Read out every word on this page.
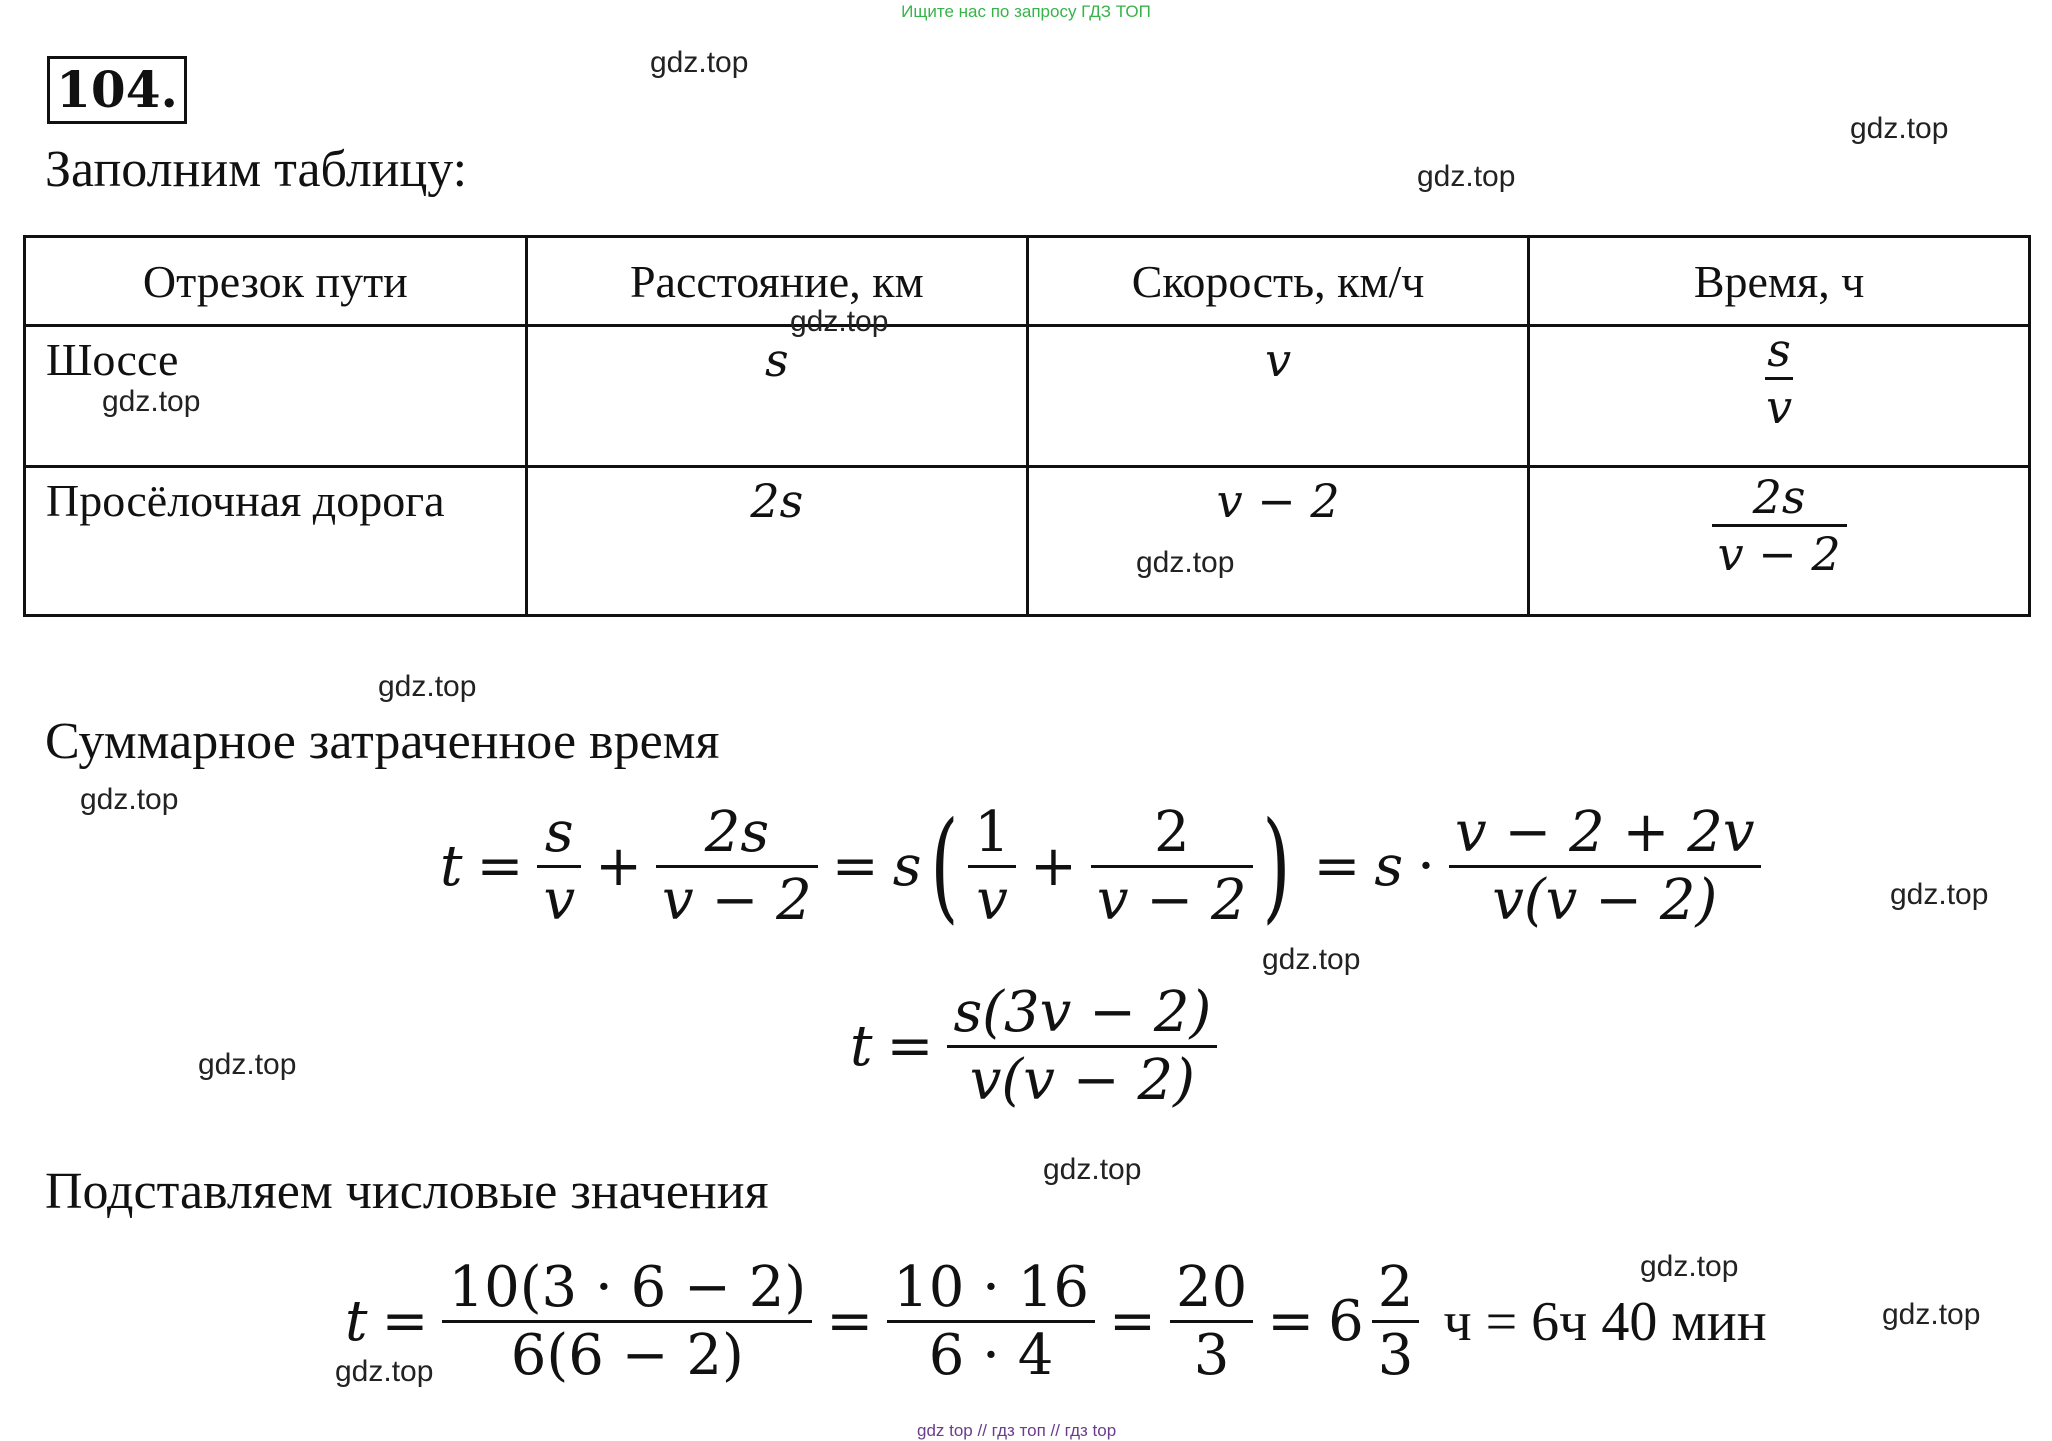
Ищите нас по запросу ГДЗ ТОП
104.
Заполним таблицу:
Отрезок пути	Расстояние, км	Скорость, км/ч	Время, ч
Шоссе	s	v	$\frac{s}{v}$

Просёлочная дорога	2s	v − 2	$\frac{2s}{v - 2}$
Суммарное затраченное время
$t = \frac{s}{v} + \frac{2s}{v - 2} = s$ ( $\frac{1}{v} + \frac{2}{v - 2}$ ) = $s \cdot \frac{v - 2 + 2v}{v(v - 2)}$
$t = \frac{s(3v - 2)}{v(v - 2)}$
Подставляем числовые значения
$t = \frac{10(3 \cdot 6 - 2)}{6(6 - 2)} = \frac{10 \cdot 16}{6 \cdot 4} = \frac{20}{3} = 6 \frac{2}{3}$ ч = 6ч 40 мин
gdz.top
gdz.top
gdz.top
gdz.top
gdz.top
gdz.top
gdz.top
gdz.top
gdz.top
gdz.top
gdz.top
gdz.top
gdz.top
gdz.top
gdz.top
gdz top // гдз топ // гдз top
